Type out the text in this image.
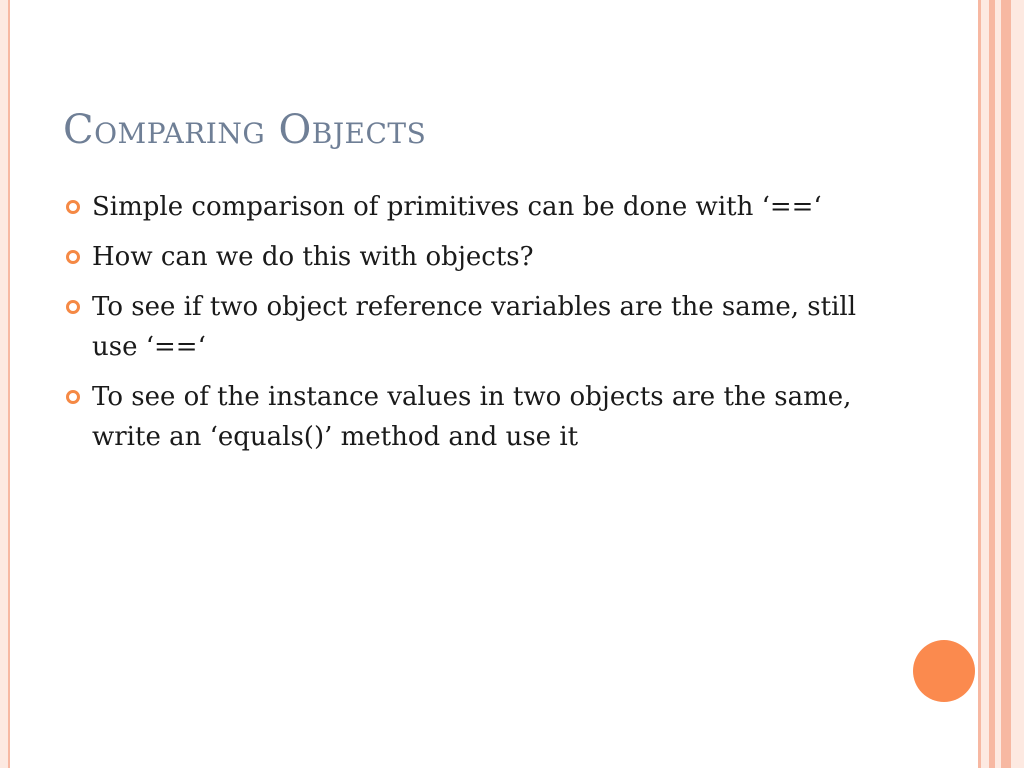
Comparing Objects
Simple comparison of primitives can be done with ‘==‘
How can we do this with objects?
To see if two object reference variables are the same, still use ‘==‘
To see of the instance values in two objects are the same, write an ‘equals()’ method and use it
